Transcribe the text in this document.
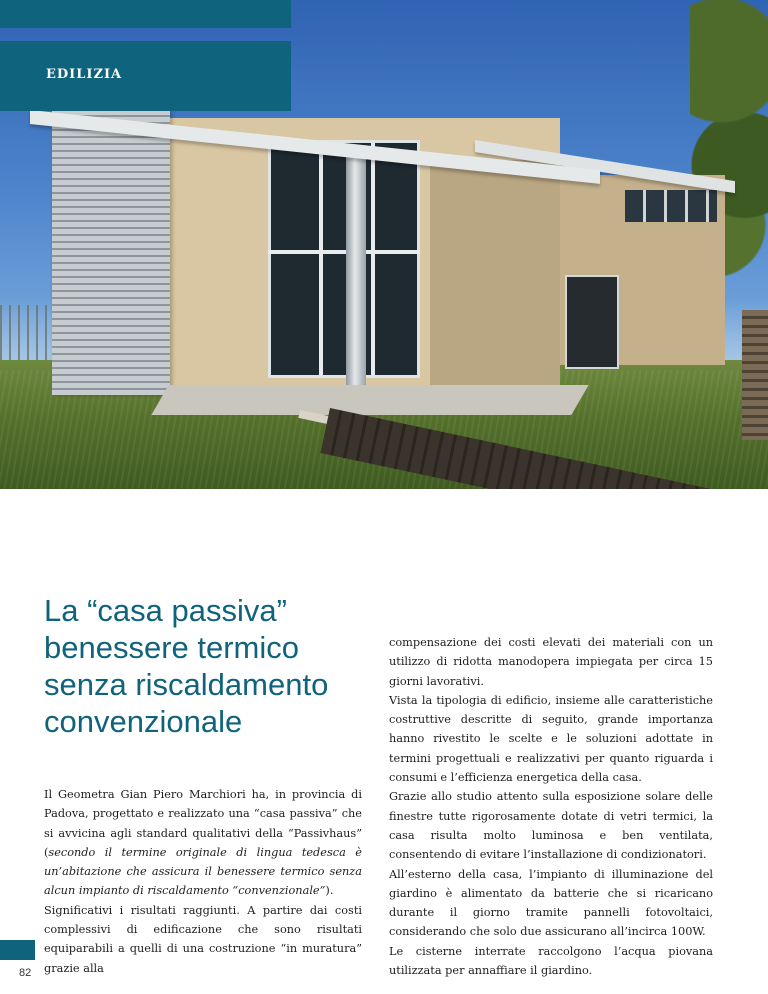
EDILIZIA
La “casa passiva” benessere termico senza riscaldamento convenzionale

Il Geometra Gian Piero Marchiori ha, in provincia di Padova, progettato e realizzato una “casa passiva” che si avvicina agli standard qualitativi della “Passivhaus” (secondo il termine originale di lingua tedesca è un’abitazione che assicura il benessere termico senza alcun impianto di riscaldamento “convenzionale”).

Significativi i risultati raggiunti. A partire dai costi complessivi di edificazione che sono risultati equiparabili a quelli di una costruzione “in muratura” grazie alla

compensazione dei costi elevati dei materiali con un utilizzo di ridotta manodopera impiegata per circa 15 giorni lavorativi.

Vista la tipologia di edificio, insieme alle caratteristiche costruttive descritte di seguito, grande importanza hanno rivestito le scelte e le soluzioni adottate in termini progettuali e realizzativi per quanto riguarda i consumi e l’efficienza energetica della casa.

Grazie allo studio attento sulla esposizione solare delle finestre tutte rigorosamente dotate di vetri termici, la casa risulta molto luminosa e ben ventilata, consentendo di evitare l’installazione di condizionatori.

All’esterno della casa, l’impianto di illuminazione del giardino è alimentato da batterie che si ricaricano durante il giorno tramite pannelli fotovoltaici, considerando che solo due assicurano all’incirca 100W.

Le cisterne interrate raccolgono l’acqua piovana utilizzata per annaffiare il giardino.

82
